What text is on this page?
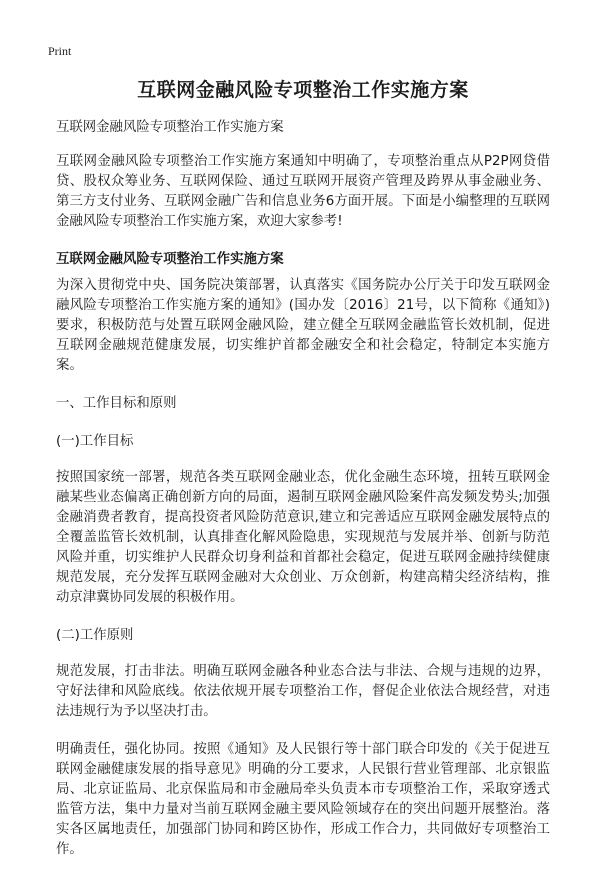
Print
互联网金融风险专项整治工作实施方案

互联网金融风险专项整治工作实施方案

互联网金融风险专项整治工作实施方案通知中明确了，专项整治重点从P2P网贷借贷、股权众筹业务、互联网保险、通过互联网开展资产管理及跨界从事金融业务、第三方支付业务、互联网金融广告和信息业务6方面开展。下面是小编整理的互联网金融风险专项整治工作实施方案，欢迎大家参考!

互联网金融风险专项整治工作实施方案

为深入贯彻党中央、国务院决策部署，认真落实《国务院办公厅关于印发互联网金融风险专项整治工作实施方案的通知》(国办发〔2016〕21号，以下简称《通知》)要求，积极防范与处置互联网金融风险，建立健全互联网金融监管长效机制，促进互联网金融规范健康发展，切实维护首都金融安全和社会稳定，特制定本实施方案。

一、工作目标和原则

(一)工作目标

按照国家统一部署，规范各类互联网金融业态，优化金融生态环境，扭转互联网金融某些业态偏离正确创新方向的局面，遏制互联网金融风险案件高发频发势头;加强金融消费者教育，提高投资者风险防范意识,建立和完善适应互联网金融发展特点的全覆盖监管长效机制，认真排查化解风险隐患，实现规范与发展并举、创新与防范风险并重，切实维护人民群众切身利益和首都社会稳定，促进互联网金融持续健康规范发展，充分发挥互联网金融对大众创业、万众创新，构建高精尖经济结构，推动京津冀协同发展的积极作用。

(二)工作原则

规范发展，打击非法。明确互联网金融各种业态合法与非法、合规与违规的边界，守好法律和风险底线。依法依规开展专项整治工作，督促企业依法合规经营，对违法违规行为予以坚决打击。

明确责任，强化协同。按照《通知》及人民银行等十部门联合印发的《关于促进互联网金融健康发展的指导意见》明确的分工要求，人民银行营业管理部、北京银监局、北京证监局、北京保监局和市金融局牵头负责本市专项整治工作，采取穿透式监管方法，集中力量对当前互联网金融主要风险领域存在的突出问题开展整治。落实各区属地责任，加强部门协同和跨区协作，形成工作合力，共同做好专项整治工作。
